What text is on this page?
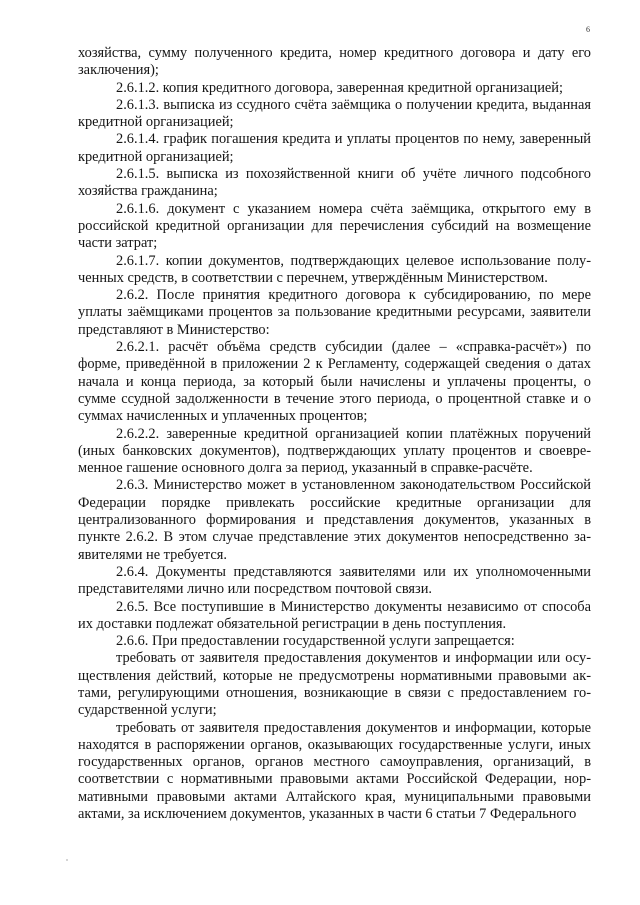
6

хозяйства, сумму полученного кредита, номер кредитного договора и дату его заключения);

2.6.1.2. копия кредитного договора, заверенная кредитной организацией;

2.6.1.3. выписка из ссудного счёта заёмщика о получении кредита, выданная кредитной организацией;

2.6.1.4. график погашения кредита и уплаты процентов по нему, заверенный кредитной организацией;

2.6.1.5. выписка из похозяйственной книги об учёте личного подсобного хозяйства гражданина;

2.6.1.6. документ с указанием номера счёта заёмщика, открытого ему в российской кредитной организации для перечисления субсидий на возмещение части затрат;

2.6.1.7. копии документов, подтверждающих целевое использование полученных средств, в соответствии с перечнем, утверждённым Министерством.

2.6.2. После принятия кредитного договора к субсидированию, по мере уплаты заёмщиками процентов за пользование кредитными ресурсами, заявители представляют в Министерство:

2.6.2.1. расчёт объёма средств субсидии (далее – «справка-расчёт») по форме, приведённой в приложении 2 к Регламенту, содержащей сведения о датах начала и конца периода, за который были начислены и уплачены проценты, о сумме ссудной задолженности в течение этого периода, о процентной ставке и о суммах начисленных и уплаченных процентов;

2.6.2.2. заверенные кредитной организацией копии платёжных поручений (иных банковских документов), подтверждающих уплату процентов и своевременное гашение основного долга за период, указанный в справке-расчёте.

2.6.3. Министерство может в установленном законодательством Российской Федерации порядке привлекать российские кредитные организации для централизованного формирования и представления документов, указанных в пункте 2.6.2. В этом случае представление этих документов непосредственно заявителями не требуется.

2.6.4. Документы представляются заявителями или их уполномоченными представителями лично или посредством почтовой связи.

2.6.5. Все поступившие в Министерство документы независимо от способа их доставки подлежат обязательной регистрации в день поступления.

2.6.6. При предоставлении государственной услуги запрещается:

требовать от заявителя предоставления документов и информации или осуществления действий, которые не предусмотрены нормативными правовыми актами, регулирующими отношения, возникающие в связи с предоставлением государственной услуги;

требовать от заявителя предоставления документов и информации, которые находятся в распоряжении органов, оказывающих государственные услуги, иных государственных органов, органов местного самоуправления, организаций, в соответствии с нормативными правовыми актами Российской Федерации, нормативными правовыми актами Алтайского края, муниципальными правовыми актами, за исключением документов, указанных в части 6 статьи 7 Федерального
